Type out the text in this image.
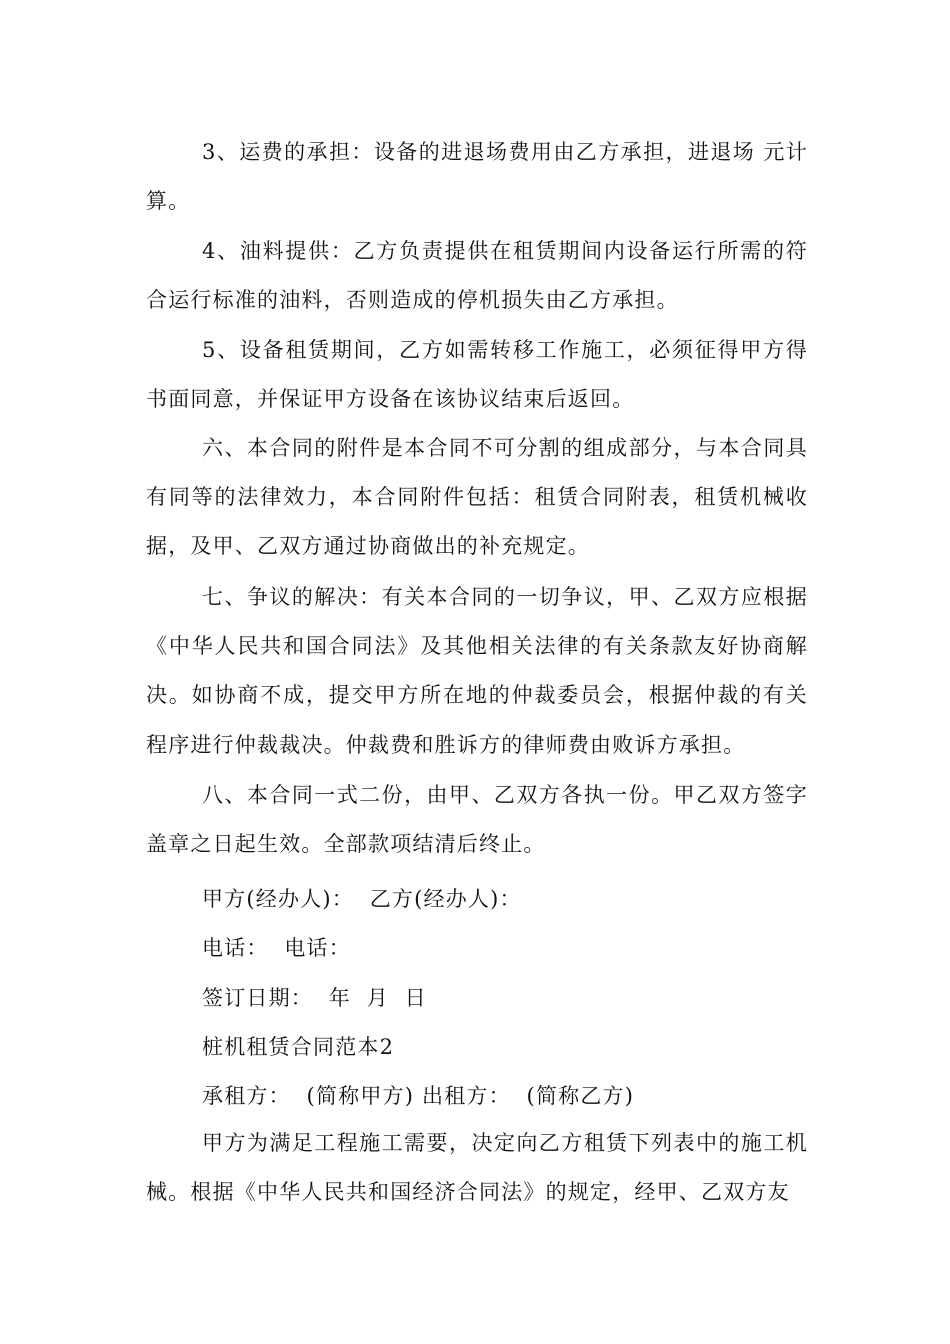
3、运费的承担：设备的进退场费用由乙方承担，进退场 元计算。

4、油料提供：乙方负责提供在租赁期间内设备运行所需的符合运行标准的油料，否则造成的停机损失由乙方承担。

5、设备租赁期间，乙方如需转移工作施工，必须征得甲方得书面同意，并保证甲方设备在该协议结束后返回。

六、本合同的附件是本合同不可分割的组成部分，与本合同具有同等的法律效力，本合同附件包括：租赁合同附表，租赁机械收据，及甲、乙双方通过协商做出的补充规定。

七、争议的解决：有关本合同的一切争议，甲、乙双方应根据《中华人民共和国合同法》及其他相关法律的有关条款友好协商解决。如协商不成，提交甲方所在地的仲裁委员会，根据仲裁的有关程序进行仲裁裁决。仲裁费和胜诉方的律师费由败诉方承担。

八、本合同一式二份，由甲、乙双方各执一份。甲乙双方签字盖章之日起生效。全部款项结清后终止。

甲方(经办人)：  乙方(经办人)：

电话：  电话：

签订日期：  年  月  日

桩机租赁合同范本2

承租方：  (简称甲方) 出租方：  (简称乙方)

甲方为满足工程施工需要，决定向乙方租赁下列表中的施工机械。根据《中华人民共和国经济合同法》的规定，经甲、乙双方友
